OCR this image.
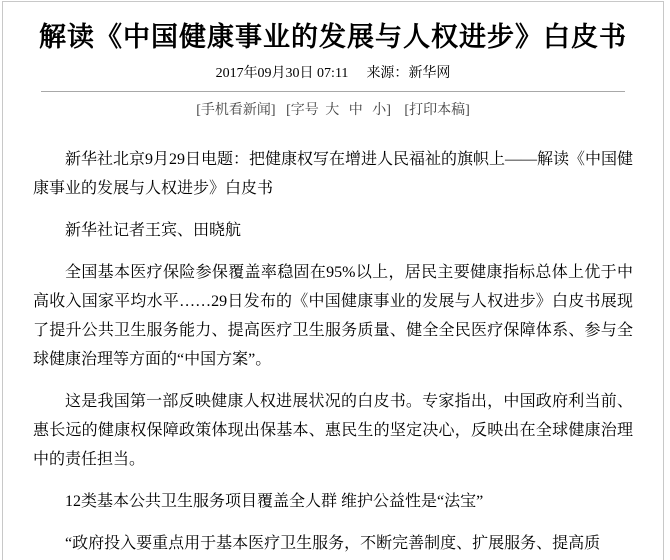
解读《中国健康事业的发展与人权进步》白皮书
2017年09月30日 07:11 来源：新华网
[手机看新闻] [字号 大 中 小] [打印本稿]

新华社北京9月29日电题：把健康权写在增进人民福祉的旗帜上——解读《中国健康事业的发展与人权进步》白皮书

新华社记者王宾、田晓航

全国基本医疗保险参保覆盖率稳固在95%以上，居民主要健康指标总体上优于中高收入国家平均水平……29日发布的《中国健康事业的发展与人权进步》白皮书展现了提升公共卫生服务能力、提高医疗卫生服务质量、健全全民医疗保障体系、参与全球健康治理等方面的“中国方案”。

这是我国第一部反映健康人权进展状况的白皮书。专家指出，中国政府利当前、惠长远的健康权保障政策体现出保基本、惠民生的坚定决心，反映出在全球健康治理中的责任担当。

12类基本公共卫生服务项目覆盖全人群 维护公益性是“法宝”

“政府投入要重点用于基本医疗卫生服务，不断完善制度、扩展服务、提高质
